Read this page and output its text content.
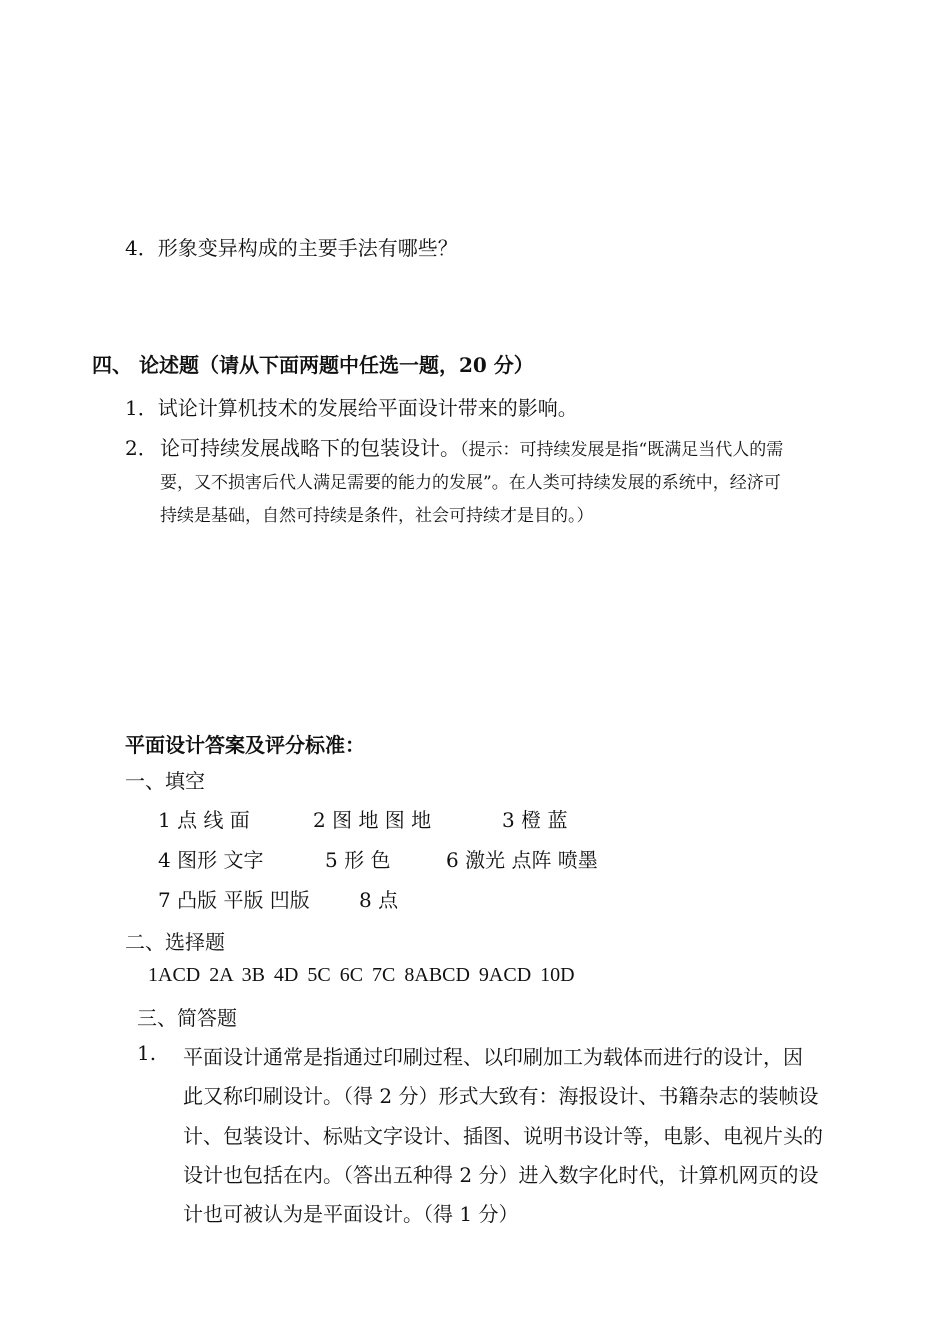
4．形象变异构成的主要手法有哪些？
四、 论述题（请从下面两题中任选一题，20 分）
1．试论计算机技术的发展给平面设计带来的影响。
2． 论可持续发展战略下的包装设计。（提示：可持续发展是指“既满足当代人的需
要，又不损害后代人满足需要的能力的发展”。在人类可持续发展的系统中，经济可
持续是基础，自然可持续是条件，社会可持续才是目的。）
平面设计答案及评分标准：
一、填空
1 点 线 面	2 图 地 图 地	3 橙 蓝
4 图形 文字	5 形 色	6 激光 点阵 喷墨
7 凸版 平版 凹版 8 点
二、选择题
1ACD 2A 3B 4D 5C 6C 7C 8ABCD 9ACD 10D
三、简答题
1. 平面设计通常是指通过印刷过程、以印刷加工为载体而进行的设计，因
此又称印刷设计。（得 2 分）形式大致有：海报设计、书籍杂志的装帧设
计、包装设计、标贴文字设计、插图、说明书设计等，电影、电视片头的
设计也包括在内。（答出五种得 2 分）进入数字化时代，计算机网页的设
计也可被认为是平面设计。（得 1 分）
